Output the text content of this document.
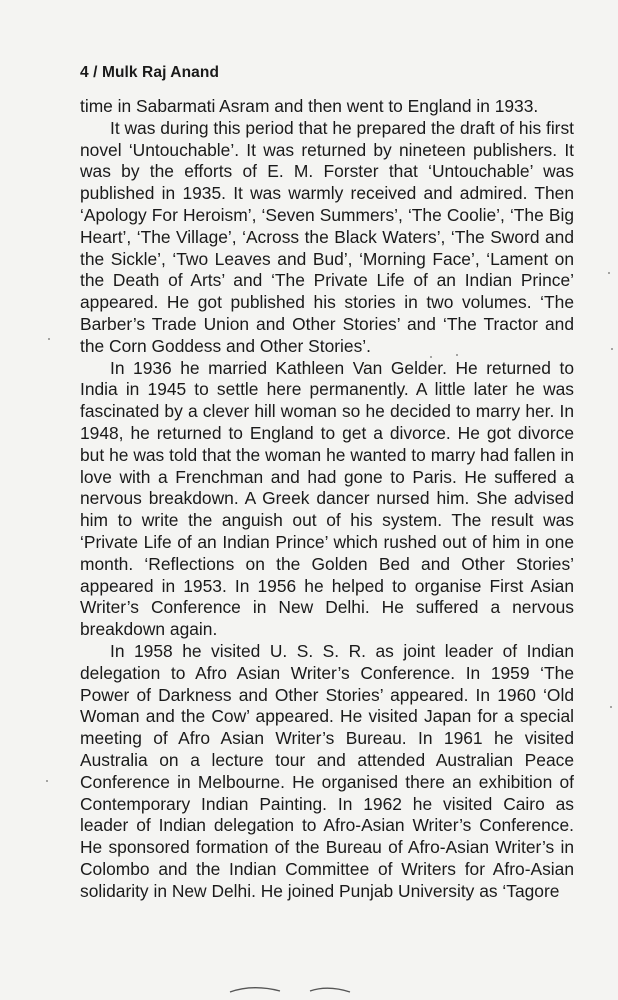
4 / Mulk Raj Anand

time in Sabarmati Asram and then went to England in 1933.

It was during this period that he prepared the draft of his first novel ‘Untouchable’. It was returned by nineteen publishers. It was by the efforts of E. M. Forster that ‘Untouchable’ was published in 1935. It was warmly received and admired. Then ‘Apology For Heroism’, ‘Seven Summers’, ‘The Coolie’, ‘The Big Heart’, ‘The Village’, ‘Across the Black Waters’, ‘The Sword and the Sickle’, ‘Two Leaves and Bud’, ‘Morning Face’, ‘Lament on the Death of Arts’ and ‘The Private Life of an Indian Prince’ appeared. He got published his stories in two volumes. ‘The Barber’s Trade Union and Other Stories’ and ‘The Tractor and the Corn Goddess and Other Stories’.

In 1936 he married Kathleen Van Gelder. He returned to India in 1945 to settle here permanently. A little later he was fascinated by a clever hill woman so he decided to marry her. In 1948, he returned to England to get a divorce. He got divorce but he was told that the woman he wanted to marry had fallen in love with a Frenchman and had gone to Paris. He suffered a nervous breakdown. A Greek dancer nursed him. She advised him to write the anguish out of his system. The result was ‘Private Life of an Indian Prince’ which rushed out of him in one month. ‘Reflections on the Golden Bed and Other Stories’ appeared in 1953. In 1956 he helped to organise First Asian Writer’s Conference in New Delhi. He suffered a nervous breakdown again.

In 1958 he visited U. S. S. R. as joint leader of Indian delegation to Afro Asian Writer’s Conference. In 1959 ‘The Power of Darkness and Other Stories’ appeared. In 1960 ‘Old Woman and the Cow’ appeared. He visited Japan for a special meeting of Afro Asian Writer’s Bureau. In 1961 he visited Australia on a lecture tour and attended Australian Peace Conference in Melbourne. He organised there an exhibition of Contemporary Indian Painting. In 1962 he visited Cairo as leader of Indian delegation to Afro-Asian Writer’s Conference. He sponsored formation of the Bureau of Afro-Asian Writer’s in Colombo and the Indian Committee of Writers for Afro-Asian solidarity in New Delhi. He joined Punjab University as ‘Tagore
